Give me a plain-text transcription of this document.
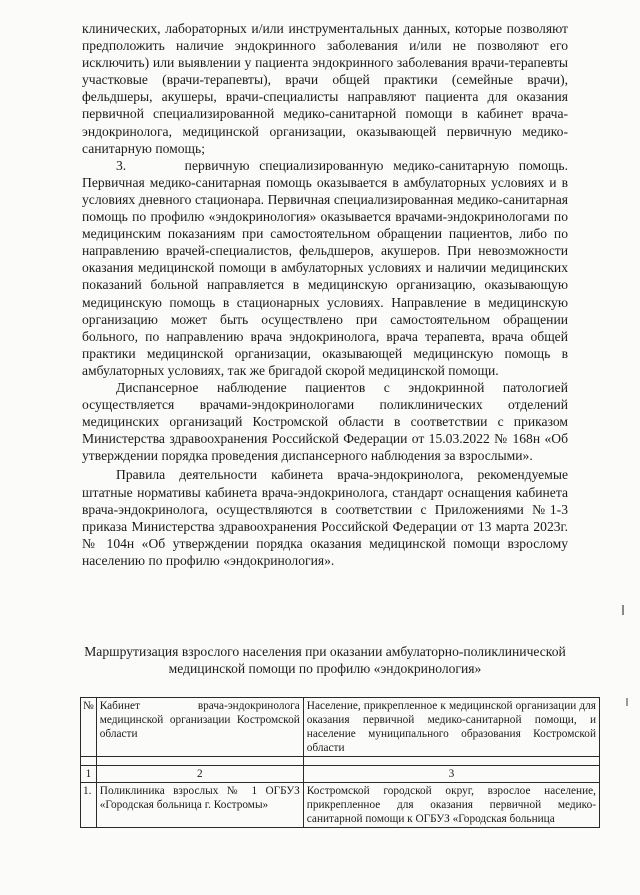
клинических, лабораторных и/или инструментальных данных, которые позволяют предположить наличие эндокринного заболевания и/или не позволяют его исключить) или выявлении у пациента эндокринного заболевания врачи-терапевты участковые (врачи-терапевты), врачи общей практики (семейные врачи), фельдшеры, акушеры, врачи-специалисты направляют пациента для оказания первичной специализированной медико-санитарной помощи в кабинет врача-эндокринолога, медицинской организации, оказывающей первичную медико-санитарную помощь;

3.      первичную специализированную медико-санитарную помощь. Первичная медико-санитарная помощь оказывается в амбулаторных условиях и в условиях дневного стационара. Первичная специализированная медико-санитарная помощь по профилю «эндокринология» оказывается врачами-эндокринологами по медицинским показаниям при самостоятельном обращении пациентов, либо по направлению врачей-специалистов, фельдшеров, акушеров. При невозможности оказания медицинской помощи в амбулаторных условиях и наличии медицинских показаний больной направляется в медицинскую организацию, оказывающую медицинскую помощь в стационарных условиях. Направление в медицинскую организацию может быть осуществлено при самостоятельном обращении больного, по направлению врача эндокринолога, врача терапевта, врача общей практики медицинской организации, оказывающей медицинскую помощь в амбулаторных условиях, так же бригадой скорой медицинской помощи.

Диспансерное наблюдение пациентов с эндокринной патологией осуществляется врачами-эндокринологами поликлинических отделений медицинских организаций Костромской области в соответствии с приказом Министерства здравоохранения Российской Федерации от 15.03.2022 № 168н «Об утверждении порядка проведения диспансерного наблюдения за взрослыми».

Правила деятельности кабинета врача-эндокринолога, рекомендуемые штатные нормативы кабинета врача-эндокринолога, стандарт оснащения кабинета врача-эндокринолога, осуществляются в соответствии с Приложениями №1-3 приказа Министерства здравоохранения Российской Федерации от 13 марта 2023г. № 104н «Об утверждении порядка оказания медицинской помощи взрослому населению по профилю «эндокринология».

Маршрутизация взрослого населения при оказании амбулаторно-поликлинической медицинской помощи по профилю «эндокринология»
№	Кабинет врача-эндокринолога медицинской организации Костромской области	Население, прикрепленное к медицинской организации для оказания первичной медико-санитарной помощи, и население муниципального образования Костромской области

1	2	3
1.	Поликлиника взрослых № 1 ОГБУЗ «Городская больница г. Костромы»	Костромской городской округ, взрослое население, прикрепленное для оказания первичной медико-санитарной помощи к ОГБУЗ «Городская больница
